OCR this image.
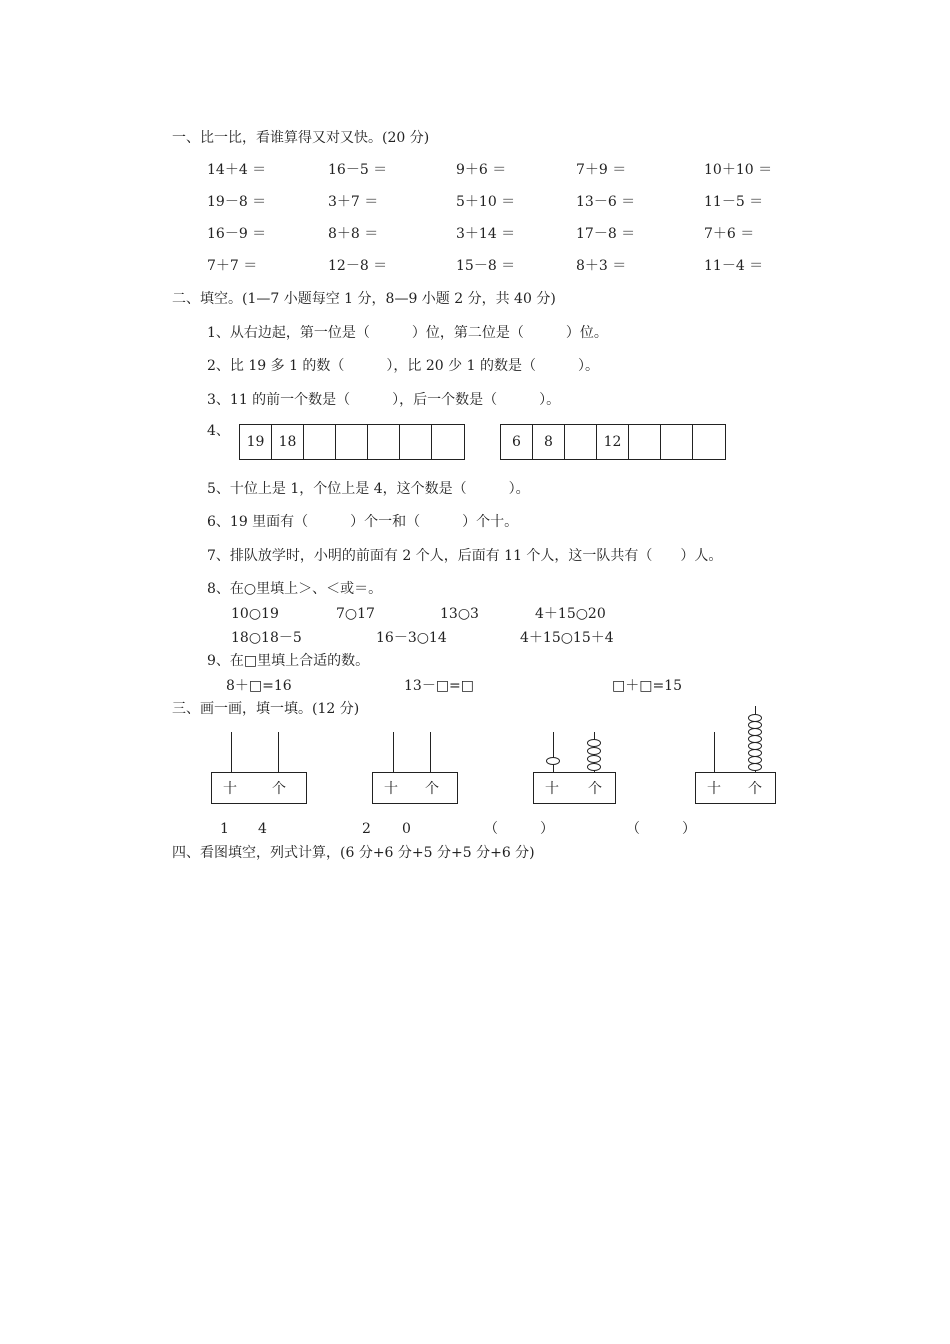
一、比一比，看谁算得又对又快。(20 分)
14＋4 ＝	16－5 ＝	9＋6 ＝	7＋9 ＝	10＋10 ＝
19－8 ＝	3＋7 ＝	5＋10 ＝	13－6 ＝	11－5 ＝
16－9 ＝	8＋8 ＝	3＋14 ＝	17－8 ＝	7＋6 ＝
7＋7 ＝	12－8 ＝	15－8 ＝	8＋3 ＝	11－4 ＝
二、填空。(1—7 小题每空 1 分，8—9 小题 2 分，共 40 分)
1、从右边起，第一位是（　　　）位，第二位是（　　　）位。
2、比 19 多 1 的数（　　　），比 20 少 1 的数是（　　　）。
3、11 的前一个数是（　　　），后一个数是（　　　）。
4、
19	18	6	8	12
5、十位上是 1，个位上是 4，这个数是（　　　）。
6、19 里面有（　　　）个一和（　　　）个十。
7、排队放学时，小明的前面有 2 个人，后面有 11 个人，这一队共有（　　）人。
8、在○里填上＞、＜或＝。
10○19	7○17	13○3	4＋15○20
18○18－5	16－3○14	4＋15○15＋4
9、在□里填上合适的数。
8＋□=16	13－□=□	□＋□=15
三、画一画，填一填。(12 分)
十	个	十 个	十 个	十 个
1 4	2 0	（　　　）	（　　　）
四、看图填空，列式计算，(6 分+6 分+5 分+5 分+6 分)
